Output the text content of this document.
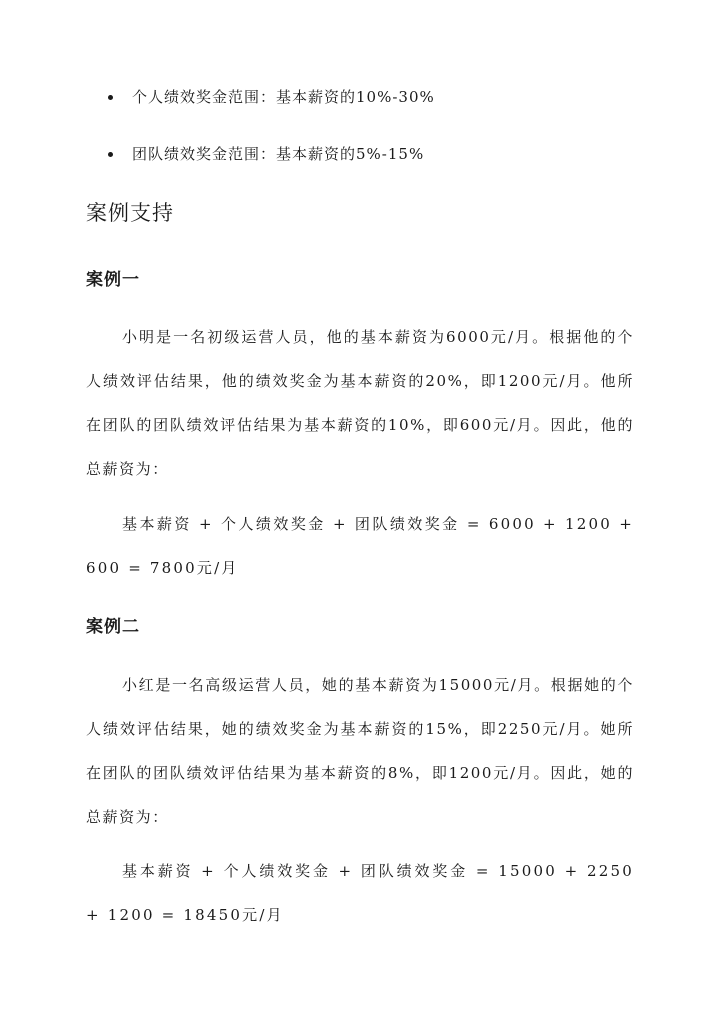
个人绩效奖金范围：基本薪资的10%-30%
团队绩效奖金范围：基本薪资的5%-15%
案例支持
案例一

小明是一名初级运营人员，他的基本薪资为6000元/月。根据他的个人绩效评估结果，他的绩效奖金为基本薪资的20%，即1200元/月。他所在团队的团队绩效评估结果为基本薪资的10%，即600元/月。因此，他的总薪资为：

基本薪资 + 个人绩效奖金 + 团队绩效奖金 = 6000 + 1200 + 600 = 7800元/月

案例二

小红是一名高级运营人员，她的基本薪资为15000元/月。根据她的个人绩效评估结果，她的绩效奖金为基本薪资的15%，即2250元/月。她所在团队的团队绩效评估结果为基本薪资的8%，即1200元/月。因此，她的总薪资为：

基本薪资 + 个人绩效奖金 + 团队绩效奖金 = 15000 + 2250 + 1200 = 18450元/月
